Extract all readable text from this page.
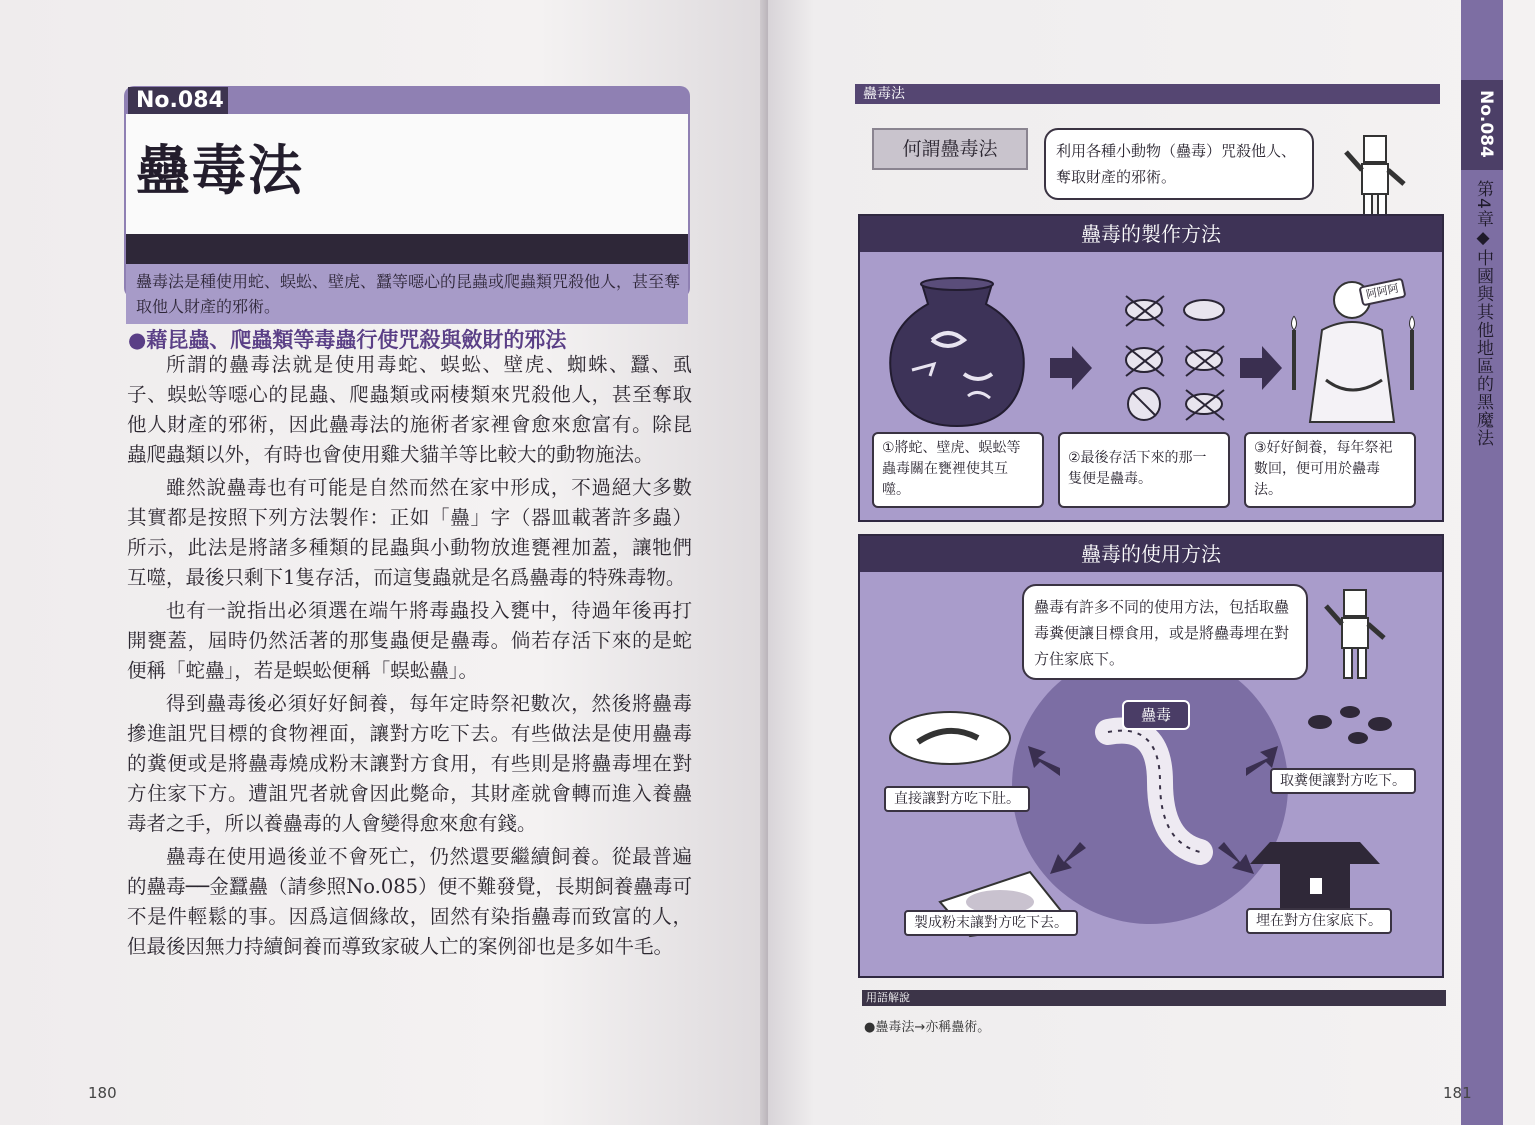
蠱毒法
蠱毒法是種使用蛇、蜈蚣、壁虎、蠶等噁心的昆蟲或爬蟲類咒殺他人，甚至奪取他人財產的邪術。
No.084
●藉昆蟲、爬蟲類等毒蟲行使咒殺與斂財的邪法

所謂的蠱毒法就是使用毒蛇、蜈蚣、壁虎、蜘蛛、蠶、虱子、蜈蚣等噁心的昆蟲、爬蟲類或兩棲類來咒殺他人，甚至奪取他人財產的邪術，因此蠱毒法的施術者家裡會愈來愈富有。除昆蟲爬蟲類以外，有時也會使用雞犬貓羊等比較大的動物施法。

雖然說蠱毒也有可能是自然而然在家中形成，不過絕大多數其實都是按照下列方法製作：正如「蠱」字（器皿載著許多蟲）所示，此法是將諸多種類的昆蟲與小動物放進甕裡加蓋，讓牠們互噬，最後只剩下1隻存活，而這隻蟲就是名爲蠱毒的特殊毒物。

也有一說指出必須選在端午將毒蟲投入甕中，待過年後再打開甕蓋，屆時仍然活著的那隻蟲便是蠱毒。倘若存活下來的是蛇便稱「蛇蠱」，若是蜈蚣便稱「蜈蚣蠱」。

得到蠱毒後必須好好飼養，每年定時祭祀數次，然後將蠱毒摻進詛咒目標的食物裡面，讓對方吃下去。有些做法是使用蠱毒的糞便或是將蠱毒燒成粉末讓對方食用，有些則是將蠱毒埋在對方住家下方。遭詛咒者就會因此斃命，其財產就會轉而進入養蠱毒者之手，所以養蠱毒的人會變得愈來愈有錢。

蠱毒在使用過後並不會死亡，仍然還要繼續飼養。從最普遍的蠱毒──金蠶蠱（請參照No.085）便不難發覺，長期飼養蠱毒可不是件輕鬆的事。因爲這個緣故，固然有染指蠱毒而致富的人，但最後因無力持續飼養而導致家破人亡的案例卻也是多如牛毛。

180
No.084
第4章◆中國與其他地區的黑魔法
蠱毒法
何謂蠱毒法	利用各種小動物（蠱毒）咒殺他人、奪取財產的邪術。
蠱毒的製作方法
阿阿阿
①將蛇、壁虎、蜈蚣等蟲毒關在甕裡使其互噬。
②最後存活下來的那一隻便是蠱毒。
③好好飼養，每年祭祀數回，便可用於蠱毒法。
蠱毒的使用方法
蠱毒
直接讓對方吃下肚。
取糞便讓對方吃下。
製成粉末讓對方吃下去。	埋在對方住家底下。
蠱毒有許多不同的使用方法，包括取蠱毒糞便讓目標食用，或是將蠱毒埋在對方住家底下。
用語解說
●蠱毒法→亦稱蠱術。
181
